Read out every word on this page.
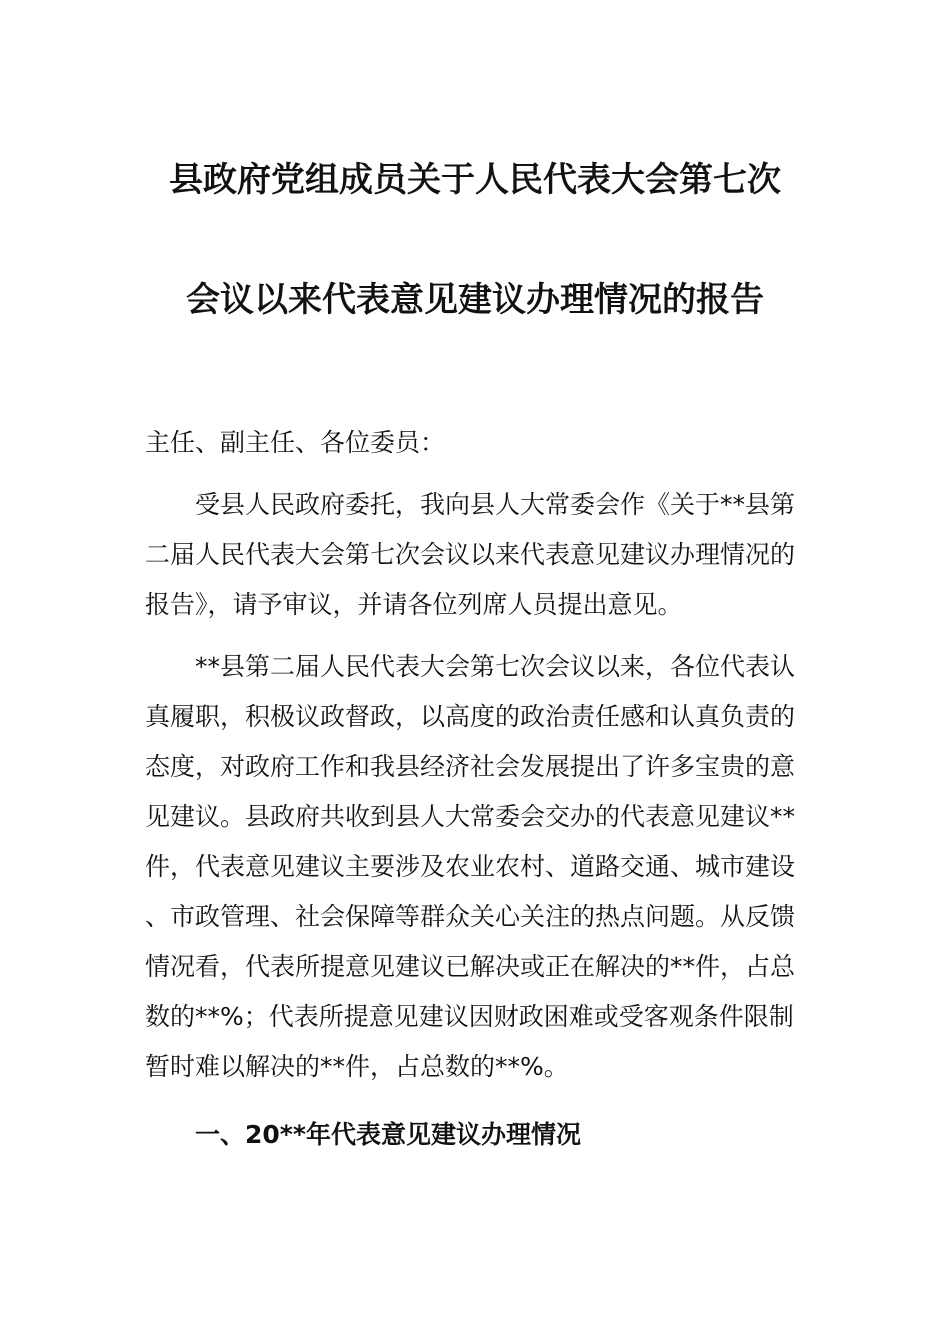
县政府党组成员关于人民代表大会第七次
会议以来代表意见建议办理情况的报告

主任、副主任、各位委员：

受县人民政府委托，我向县人大常委会作《关于**县第二届人民代表大会第七次会议以来代表意见建议办理情况的报告》，请予审议，并请各位列席人员提出意见。

**县第二届人民代表大会第七次会议以来，各位代表认真履职，积极议政督政，以高度的政治责任感和认真负责的态度，对政府工作和我县经济社会发展提出了许多宝贵的意见建议。县政府共收到县人大常委会交办的代表意见建议**件，代表意见建议主要涉及农业农村、道路交通、城市建设、市政管理、社会保障等群众关心关注的热点问题。从反馈情况看，代表所提意见建议已解决或正在解决的**件，占总数的**%；代表所提意见建议因财政困难或受客观条件限制暂时难以解决的**件，占总数的**%。

一、20**年代表意见建议办理情况
